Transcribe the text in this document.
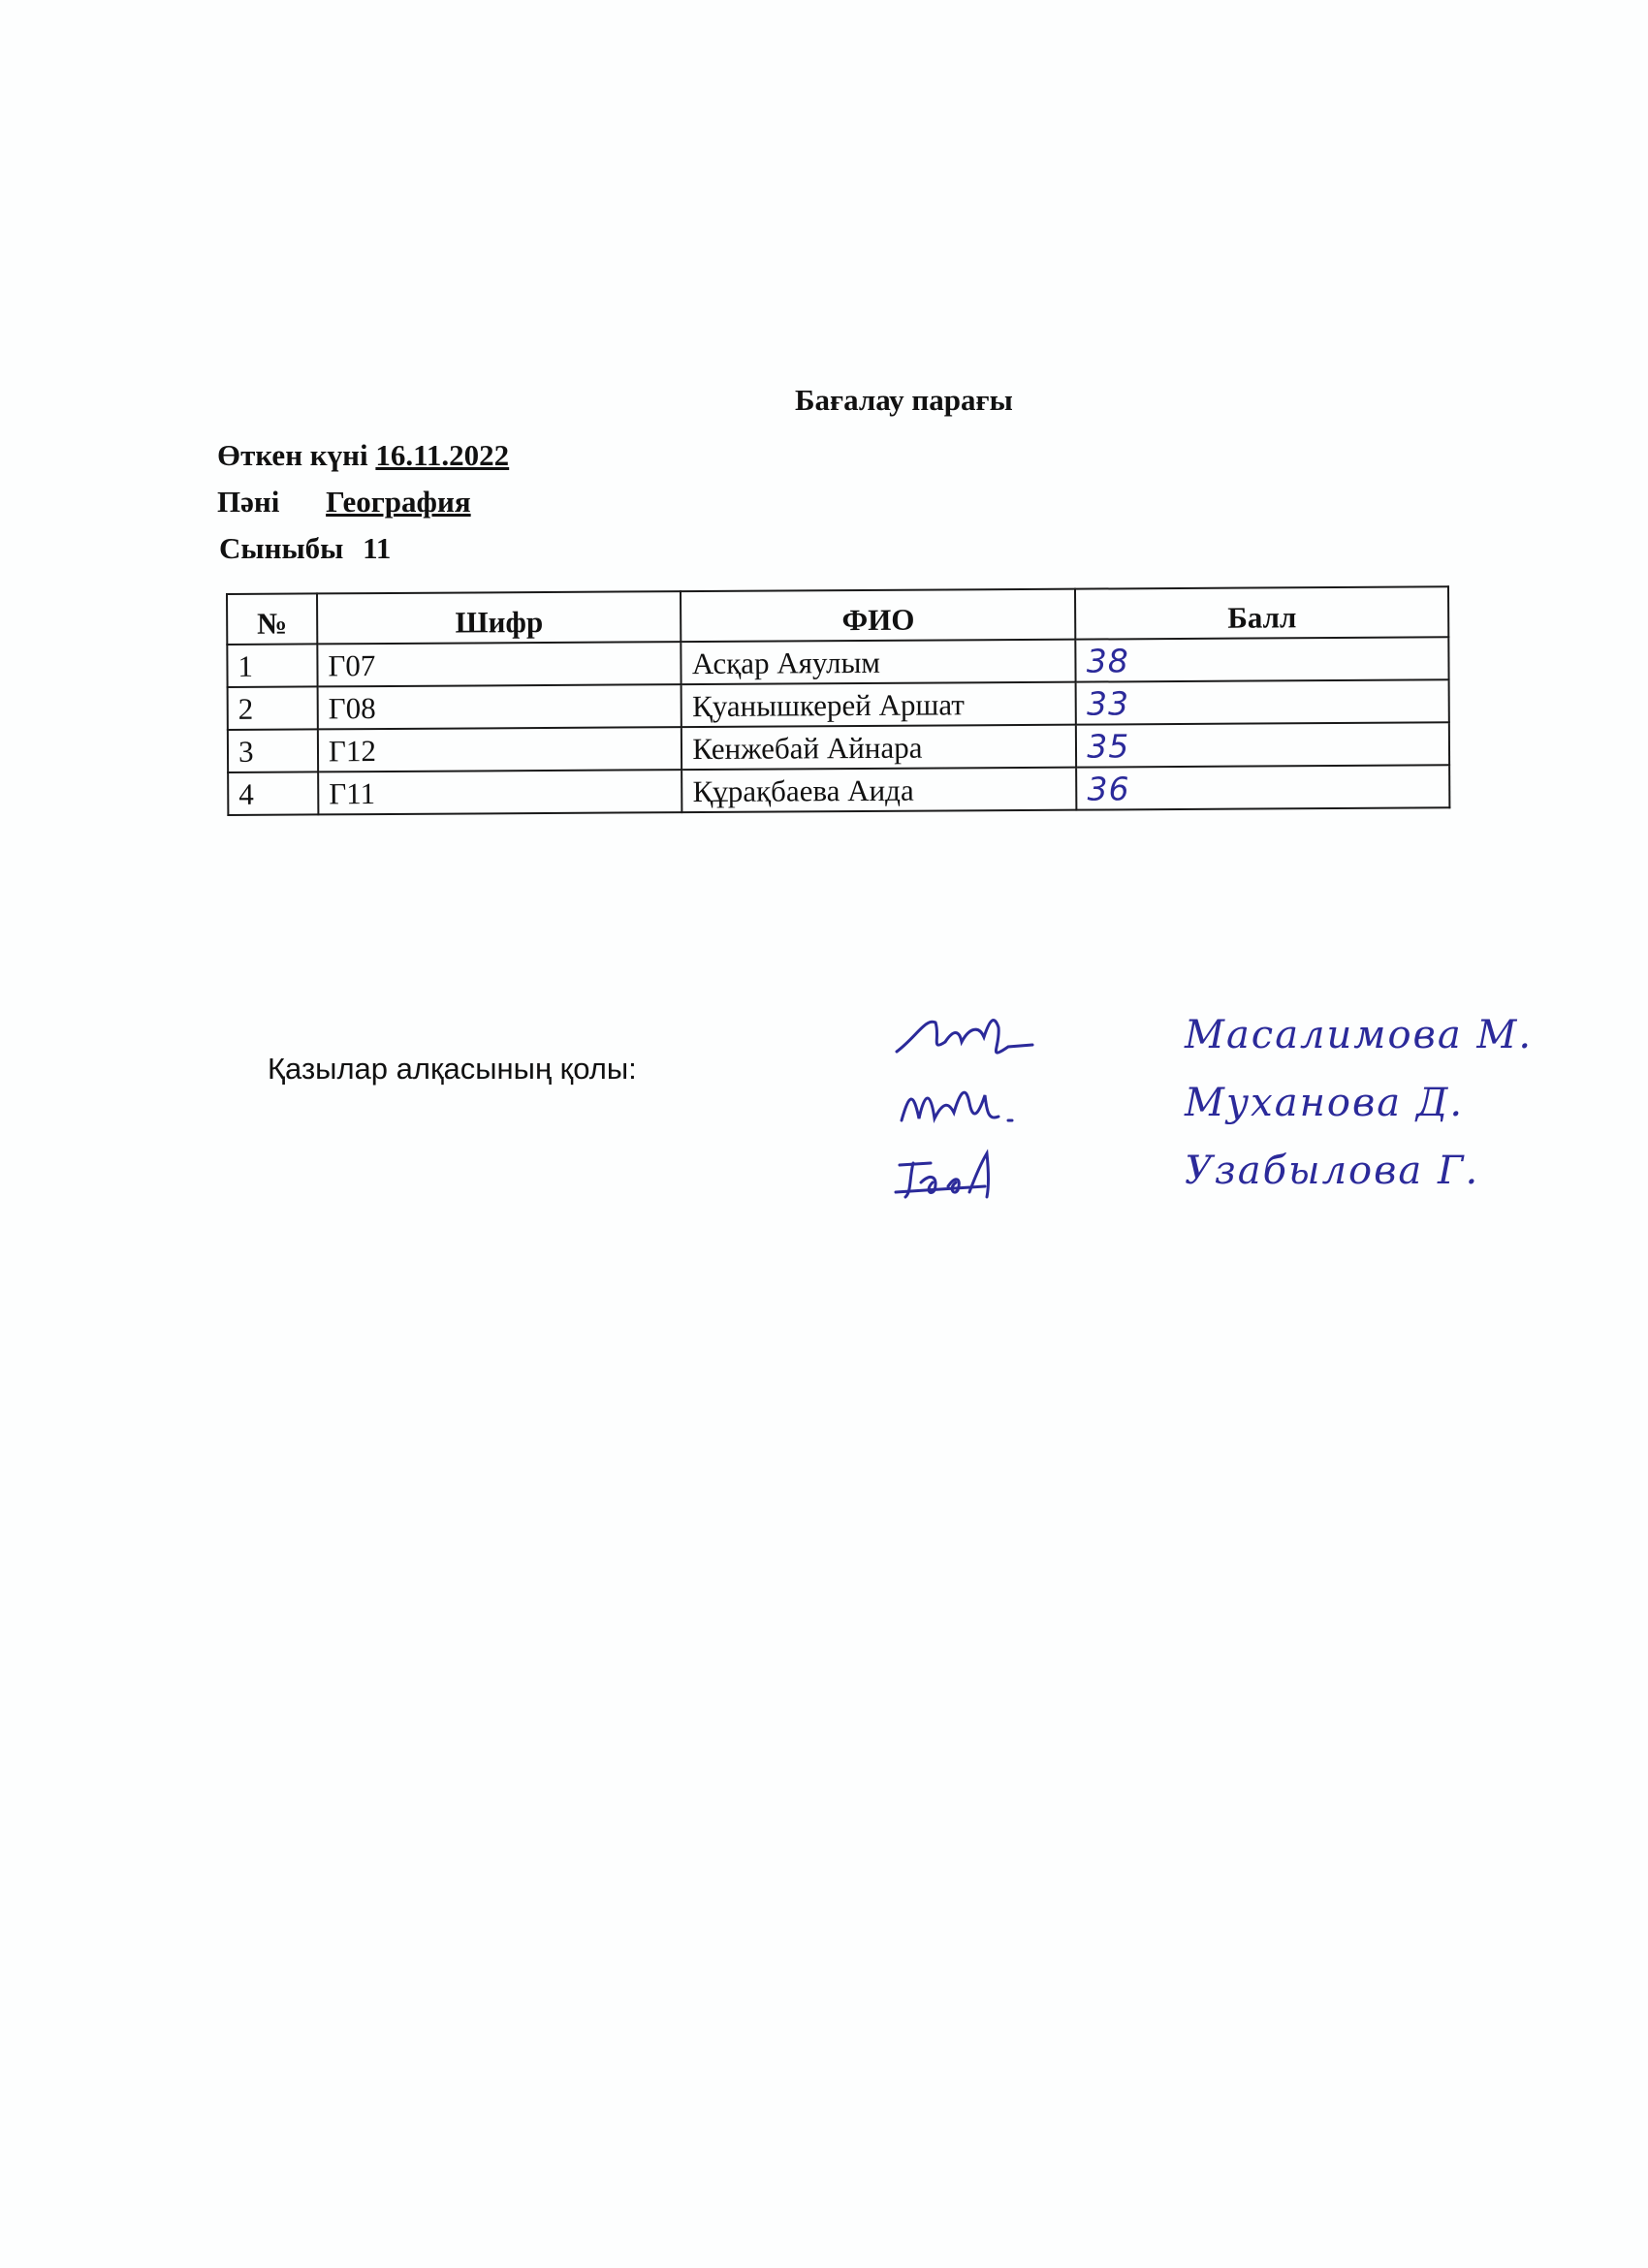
Бағалау парағы
Өткен күні 16.11.2022
Пәні География
Сыныбы 11
№	Шифр	ФИО	Балл
1	Г07	Асқар Аяулым	38
2	Г08	Қуанышкерей Аршат	33
3	Г12	Кенжебай Айнара	35
4	Г11	Құрақбаева Аида	36
Қазылар алқасының қолы:
Масалимова М.
Муханова Д.
Узабылова Г.
